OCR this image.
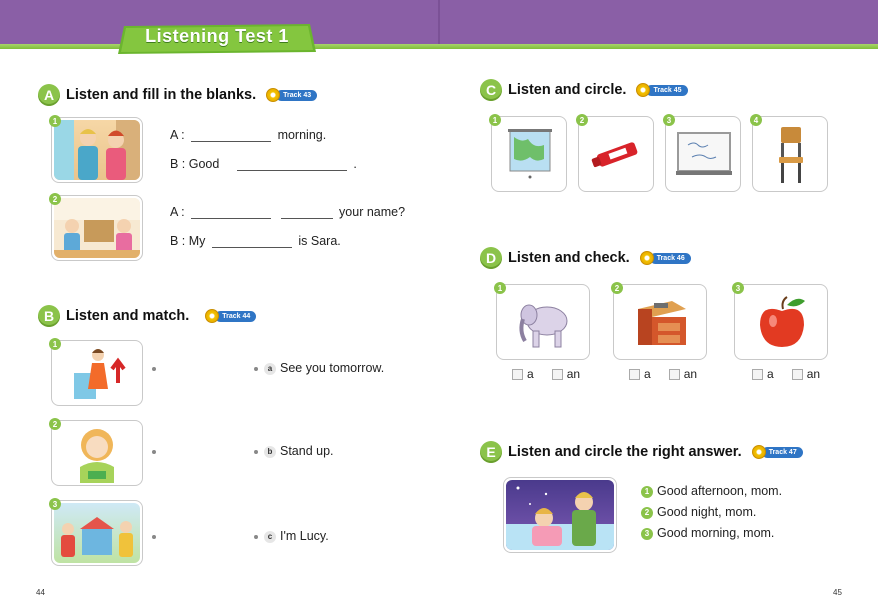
Listening Test 1
A Listen and fill in the blanks.	Track 43
1
A :	morning.
B : Good	.
2
A :	your name?
B : My	is Sara.
B Listen and match.	Track 44
1
a See you tomorrow.
2
b Stand up.
3
c I'm Lucy.
C Listen and circle.	Track 45
1	2	3	4
D Listen and check.	Track 46
1
a	an
2
a	an
3
a	an
E Listen and circle the right answer.	Track 47
1 Good afternoon, mom.
2 Good night, mom.
3 Good morning, mom.
44	45
